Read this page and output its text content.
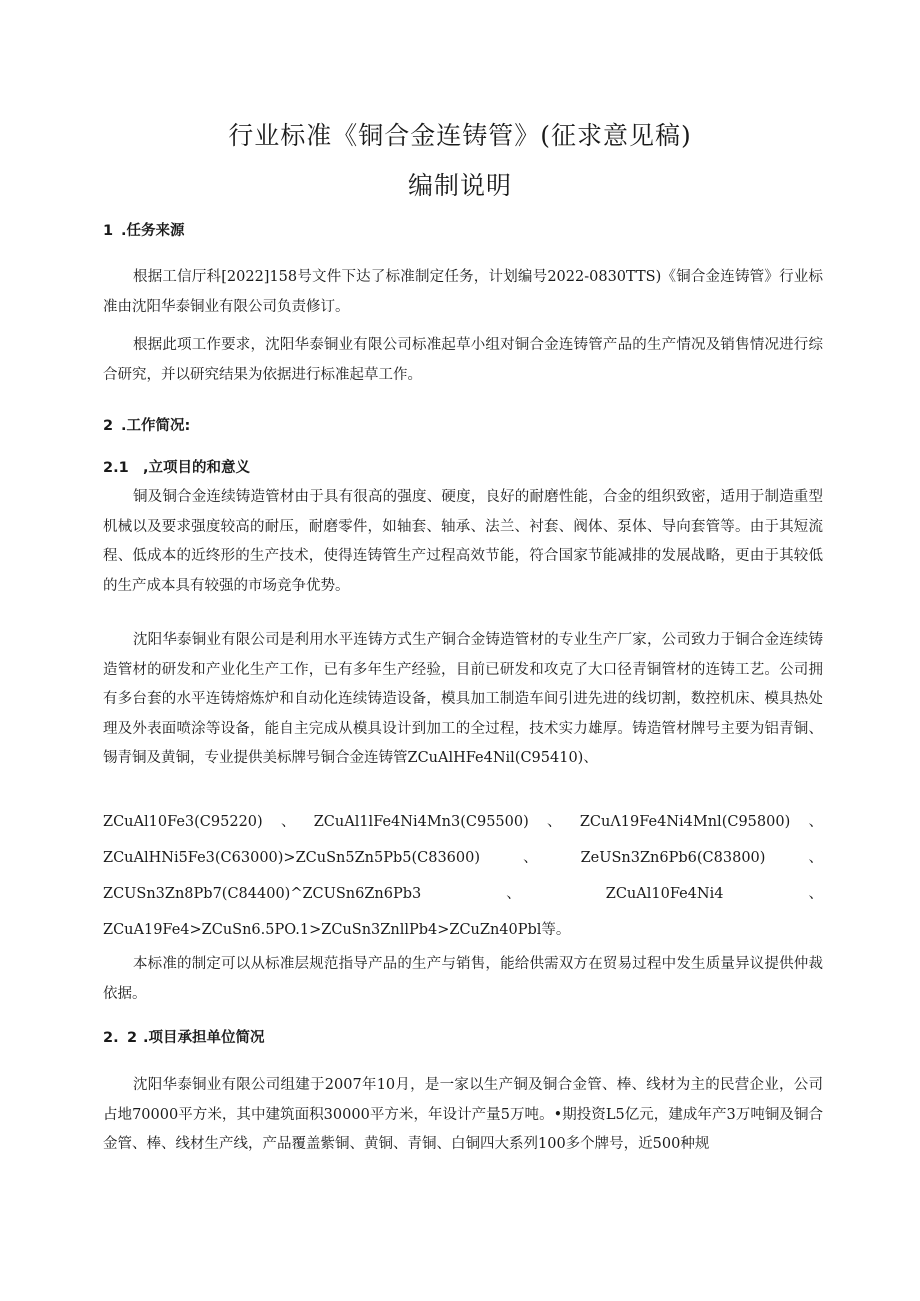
行业标准《铜合金连铸管》(征求意见稿)
编制说明
1 .任务来源

根据工信厅科[2022]158号文件下达了标准制定任务，计划编号2022-0830TTS)《铜合金连铸管》行业标准由沈阳华泰铜业有限公司负责修订。

根据此项工作要求，沈阳华泰铜业有限公司标准起草小组对铜合金连铸管产品的生产情况及销售情况进行综合研究，并以研究结果为依据进行标准起草工作。

2 .工作简况:
2.1 ,立项目的和意义

铜及铜合金连续铸造管材由于具有很高的强度、硬度，良好的耐磨性能，合金的组织致密，适用于制造重型机械以及要求强度较高的耐压，耐磨零件，如轴套、轴承、法兰、衬套、阀体、泵体、导向套管等。由于其短流程、低成本的近终形的生产技术，使得连铸管生产过程高效节能，符合国家节能减排的发展战略，更由于其较低的生产成本具有较强的市场竞争优势。

沈阳华泰铜业有限公司是利用水平连铸方式生产铜合金铸造管材的专业生产厂家，公司致力于铜合金连续铸造管材的研发和产业化生产工作，已有多年生产经验，目前已研发和攻克了大口径青铜管材的连铸工艺。公司拥有多台套的水平连铸熔炼炉和自动化连续铸造设备，模具加工制造车间引进先进的线切割，数控机床、模具热处理及外表面喷涂等设备，能自主完成从模具设计到加工的全过程，技术实力雄厚。铸造管材牌号主要为铝青铜、锡青铜及黄铜，专业提供美标牌号铜合金连铸管ZCuAlHFe4Nil(C95410)、

ZCuAl10Fe3(C95220) 、 ZCuAl1lFe4Ni4Mn3(C95500) 、 ZCuΛ19Fe4Ni4Mnl(C95800) 、
ZCuAlHNi5Fe3(C63000)>ZCuSn5Zn5Pb5(C83600)	、	ZeUSn3Zn6Pb6(C83800)	、
ZCUSn3Zn8Pb7(C84400)^ZCUSn6Zn6Pb3	、	ZCuAl10Fe4Ni4	、

ZCuA19Fe4>ZCuSn6.5PO.1>ZCuSn3ZnllPb4>ZCuZn40Pbl等。

本标准的制定可以从标准层规范指导产品的生产与销售，能给供需双方在贸易过程中发生质量异议提供仲裁依据。

2. 2 .项目承担单位简况

沈阳华泰铜业有限公司组建于2007年10月，是一家以生产铜及铜合金管、棒、线材为主的民营企业，公司占地70000平方米，其中建筑面积30000平方米，年设计产量5万吨。•期投资L5亿元，建成年产3万吨铜及铜合金管、棒、线材生产线，产品覆盖紫铜、黄铜、青铜、白铜四大系列100多个牌号，近500种规
